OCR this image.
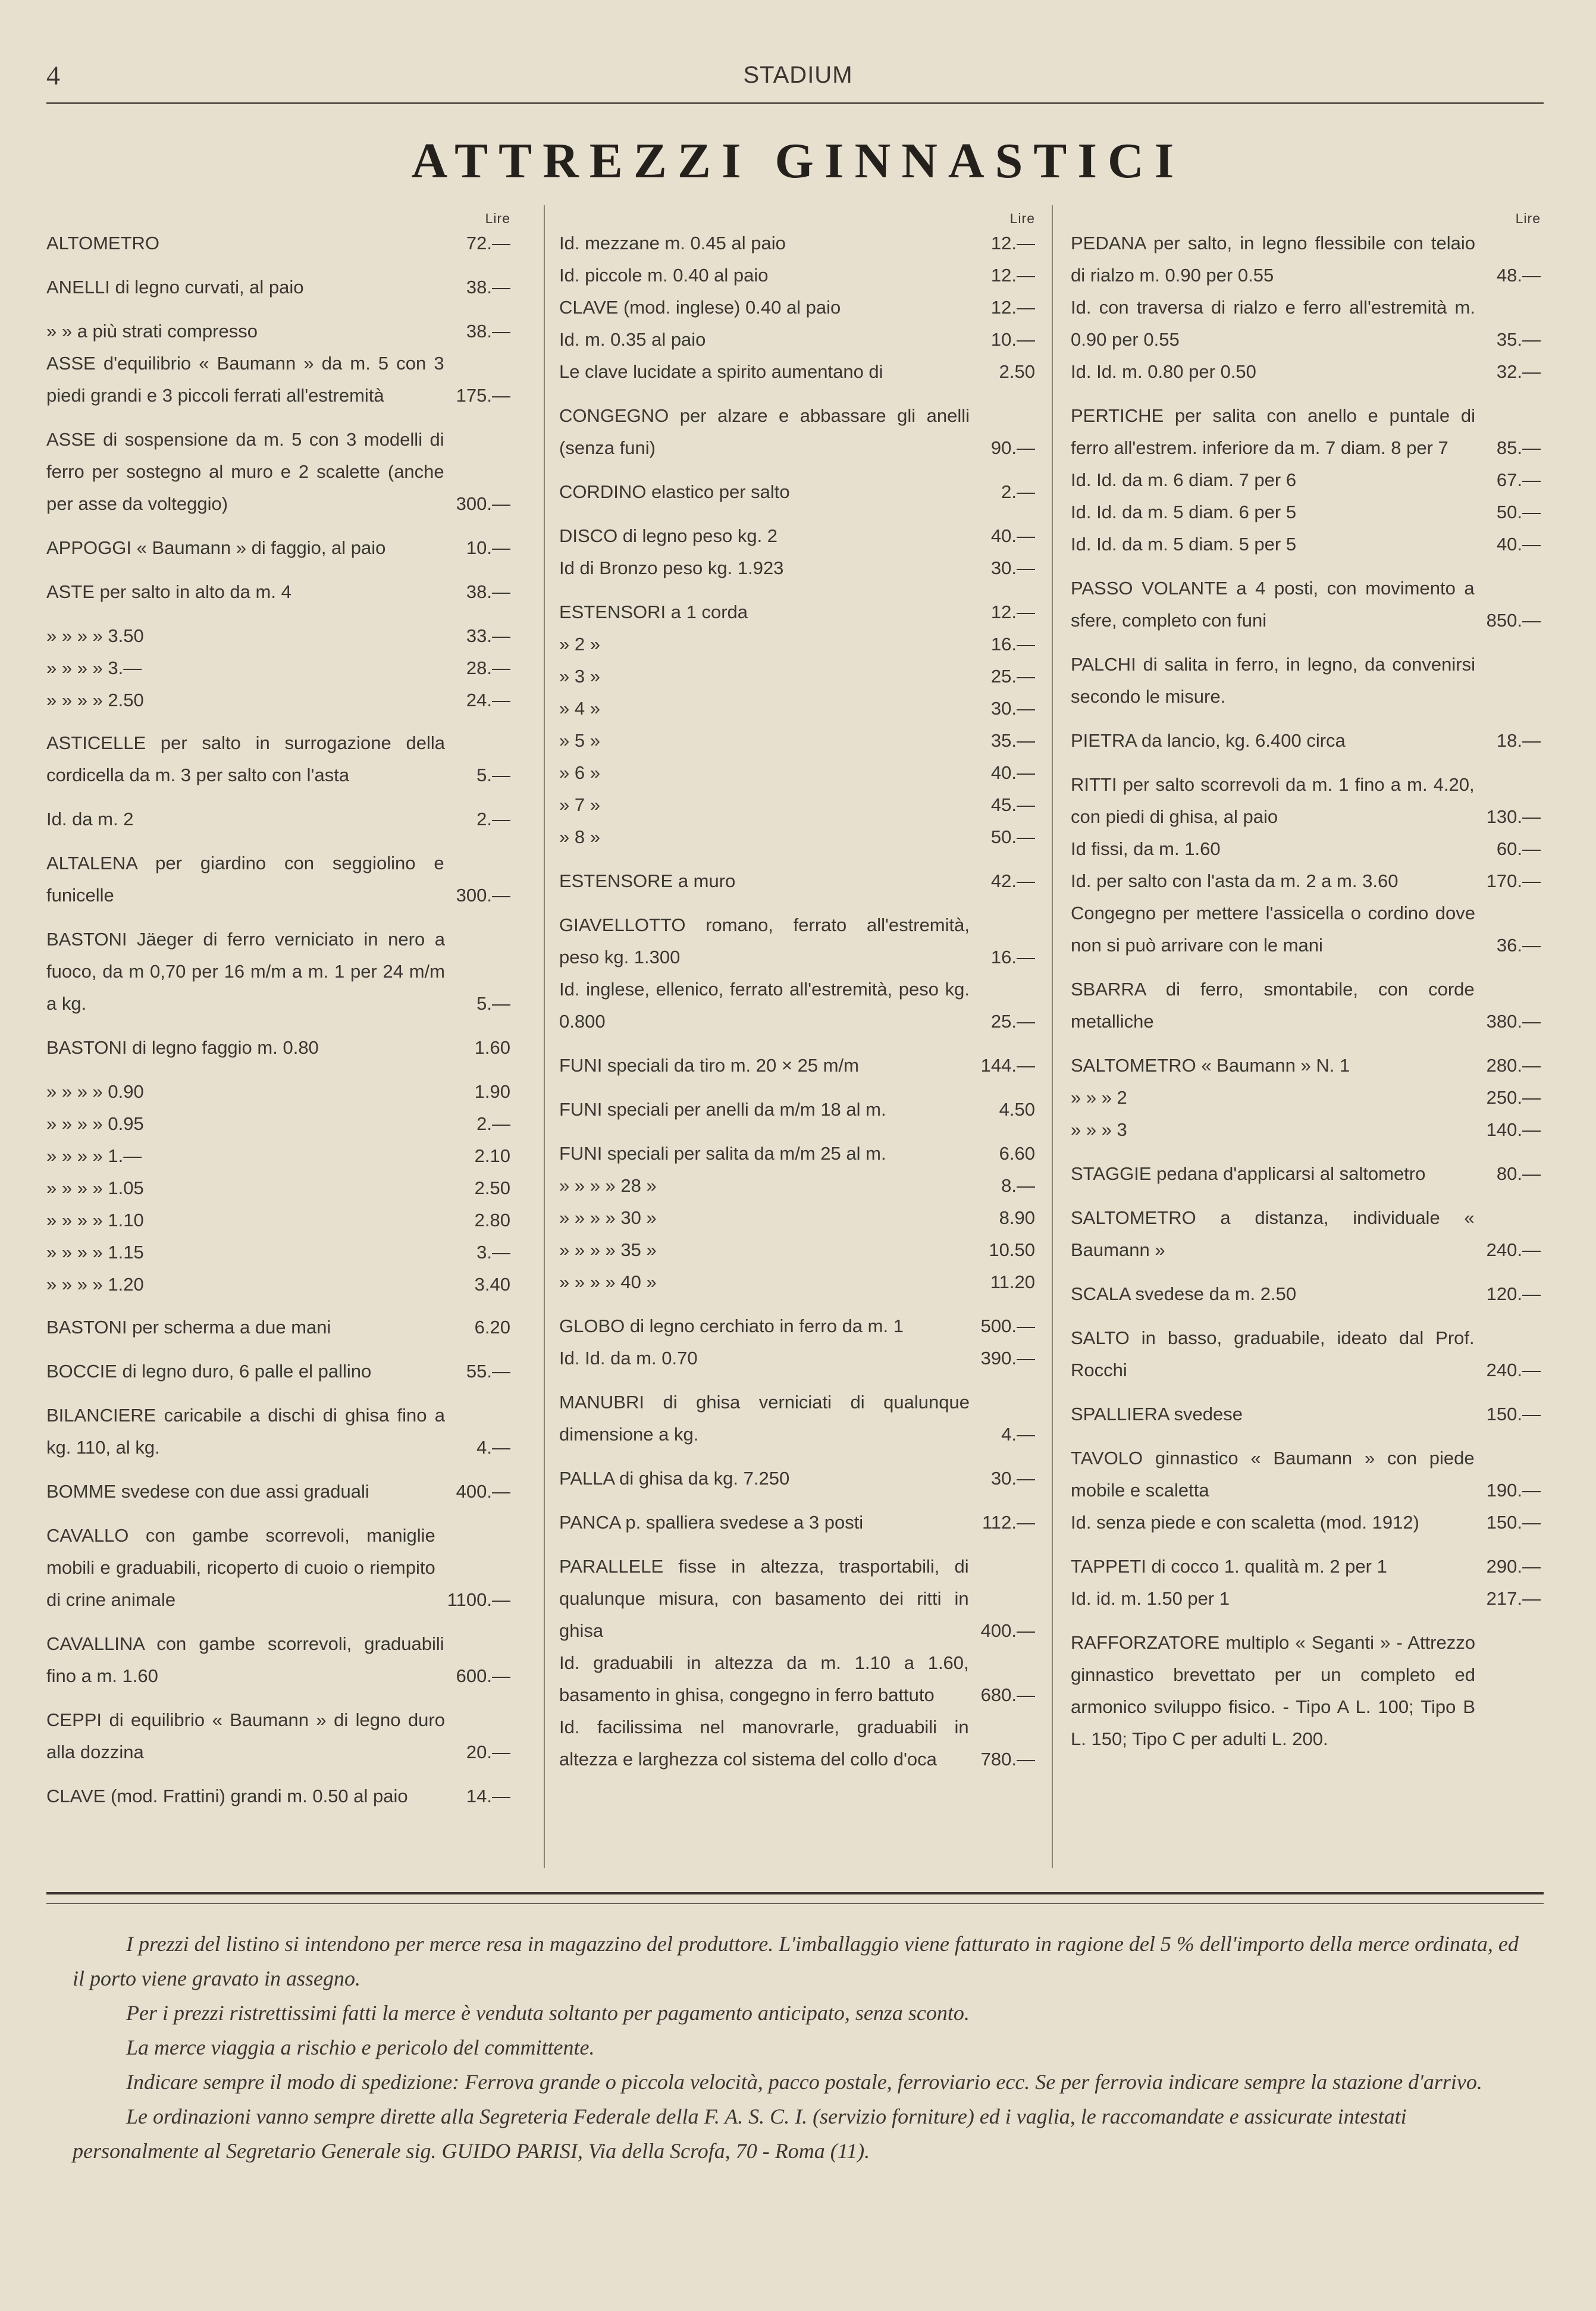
4	STADIUM
ATTREZZI GINNASTICI
Lire
ALTOMETRO	72.—
ANELLI di legno curvati, al paio	38.—
» » a più strati compresso	38.—
ASSE d'equilibrio « Baumann » da m. 5 con 3 piedi grandi e 3 piccoli ferrati all'estremità	175.—
ASSE di sospensione da m. 5 con 3 modelli di ferro per sostegno al muro e 2 scalette (anche per asse da volteggio)	300.—
APPOGGI « Baumann » di faggio, al paio	10.—
ASTE per salto in alto da m. 4	38.—
» » » » 3.50	33.—
» » » » 3.—	28.—
» » » » 2.50	24.—
ASTICELLE per salto in surrogazione della cordicella da m. 3 per salto con l'asta	5.—
Id. da m. 2	2.—
ALTALENA per giardino con seggiolino e funicelle	300.—
BASTONI Jäeger di ferro verniciato in nero a fuoco, da m 0,70 per 16 m/m a m. 1 per 24 m/m a kg.	5.—
BASTONI di legno faggio m. 0.80	1.60
» » » » 0.90	1.90
» » » » 0.95	2.—
» » » » 1.—	2.10
» » » » 1.05	2.50
» » » » 1.10	2.80
» » » » 1.15	3.—
» » » » 1.20	3.40
BASTONI per scherma a due mani	6.20
BOCCIE di legno duro, 6 palle el pallino	55.—
BILANCIERE caricabile a dischi di ghisa fino a kg. 110, al kg.	4.—
BOMME svedese con due assi graduali	400.—
CAVALLO con gambe scorrevoli, maniglie mobili e graduabili, ricoperto di cuoio o riempito di crine animale	1100.—
CAVALLINA con gambe scorrevoli, graduabili fino a m. 1.60	600.—
CEPPI di equilibrio « Baumann » di legno duro alla dozzina	20.—
CLAVE (mod. Frattini) grandi m. 0.50 al paio	14.—
Lire
Id. mezzane m. 0.45 al paio	12.—
Id. piccole m. 0.40 al paio	12.—
CLAVE (mod. inglese) 0.40 al paio	12.—
Id. m. 0.35 al paio	10.—
Le clave lucidate a spirito aumentano di	2.50
CONGEGNO per alzare e abbassare gli anelli (senza funi)	90.—
CORDINO elastico per salto	2.—
DISCO di legno peso kg. 2	40.—
Id di Bronzo peso kg. 1.923	30.—
ESTENSORI a 1 corda	12.—
» 2 »	16.—
» 3 »	25.—
» 4 »	30.—
» 5 »	35.—
» 6 »	40.—
» 7 »	45.—
» 8 »	50.—
ESTENSORE a muro	42.—
GIAVELLOTTO romano, ferrato all'estremità, peso kg. 1.300	16.—
Id. inglese, ellenico, ferrato all'estremità, peso kg. 0.800	25.—
FUNI speciali da tiro m. 20 × 25 m/m	144.—
FUNI speciali per anelli da m/m 18 al m.	4.50
FUNI speciali per salita da m/m 25 al m.	6.60
» » » » 28 »	8.—
» » » » 30 »	8.90
» » » » 35 »	10.50
» » » » 40 »	11.20
GLOBO di legno cerchiato in ferro da m. 1	500.—
Id. Id. da m. 0.70	390.—
MANUBRI di ghisa verniciati di qualunque dimensione a kg.	4.—
PALLA di ghisa da kg. 7.250	30.—
PANCA p. spalliera svedese a 3 posti	112.—
PARALLELE fisse in altezza, trasportabili, di qualunque misura, con basamento dei ritti in ghisa	400.—
Id. graduabili in altezza da m. 1.10 a 1.60, basamento in ghisa, congegno in ferro battuto	680.—
Id. facilissima nel manovrarle, graduabili in altezza e larghezza col sistema del collo d'oca	780.—
Lire
PEDANA per salto, in legno flessibile con telaio di rialzo m. 0.90 per 0.55	48.—
Id. con traversa di rialzo e ferro all'estremità m. 0.90 per 0.55	35.—
Id. Id. m. 0.80 per 0.50	32.—
PERTICHE per salita con anello e puntale di ferro all'estrem. inferiore da m. 7 diam. 8 per 7	85.—
Id. Id. da m. 6 diam. 7 per 6	67.—
Id. Id. da m. 5 diam. 6 per 5	50.—
Id. Id. da m. 5 diam. 5 per 5	40.—
PASSO VOLANTE a 4 posti, con movimento a sfere, completo con funi	850.—
PALCHI di salita in ferro, in legno, da convenirsi secondo le misure.
PIETRA da lancio, kg. 6.400 circa	18.—
RITTI per salto scorrevoli da m. 1 fino a m. 4.20, con piedi di ghisa, al paio	130.—
Id fissi, da m. 1.60	60.—
Id. per salto con l'asta da m. 2 a m. 3.60	170.—
Congegno per mettere l'assicella o cordino dove non si può arrivare con le mani	36.—
SBARRA di ferro, smontabile, con corde metalliche	380.—
SALTOMETRO « Baumann » N. 1	280.—
» » » 2	250.—
» » » 3	140.—
STAGGIE pedana d'applicarsi al saltometro	80.—
SALTOMETRO a distanza, individuale « Baumann »	240.—
SCALA svedese da m. 2.50	120.—
SALTO in basso, graduabile, ideato dal Prof. Rocchi	240.—
SPALLIERA svedese	150.—
TAVOLO ginnastico « Baumann » con piede mobile e scaletta	190.—
Id. senza piede e con scaletta (mod. 1912)	150.—
TAPPETI di cocco 1. qualità m. 2 per 1	290.—
Id. id. m. 1.50 per 1	217.—
RAFFORZATORE multiplo « Seganti » - Attrezzo ginnastico brevettato per un completo ed armonico sviluppo fisico. - Tipo A L. 100; Tipo B L. 150; Tipo C per adulti L. 200.

I prezzi del listino si intendono per merce resa in magazzino del produttore. L'imballaggio viene fatturato in ragione del 5 % dell'importo della merce ordinata, ed il porto viene gravato in assegno.

Per i prezzi ristrettissimi fatti la merce è venduta soltanto per pagamento anticipato, senza sconto.

La merce viaggia a rischio e pericolo del committente.

Indicare sempre il modo di spedizione: Ferrova grande o piccola velocità, pacco postale, ferroviario ecc. Se per ferrovia indicare sempre la stazione d'arrivo.

Le ordinazioni vanno sempre dirette alla Segreteria Federale della F. A. S. C. I. (servizio forniture) ed i vaglia, le raccomandate e assicurate intestati personalmente al Segretario Generale sig. GUIDO PARISI, Via della Scrofa, 70 - Roma (11).
